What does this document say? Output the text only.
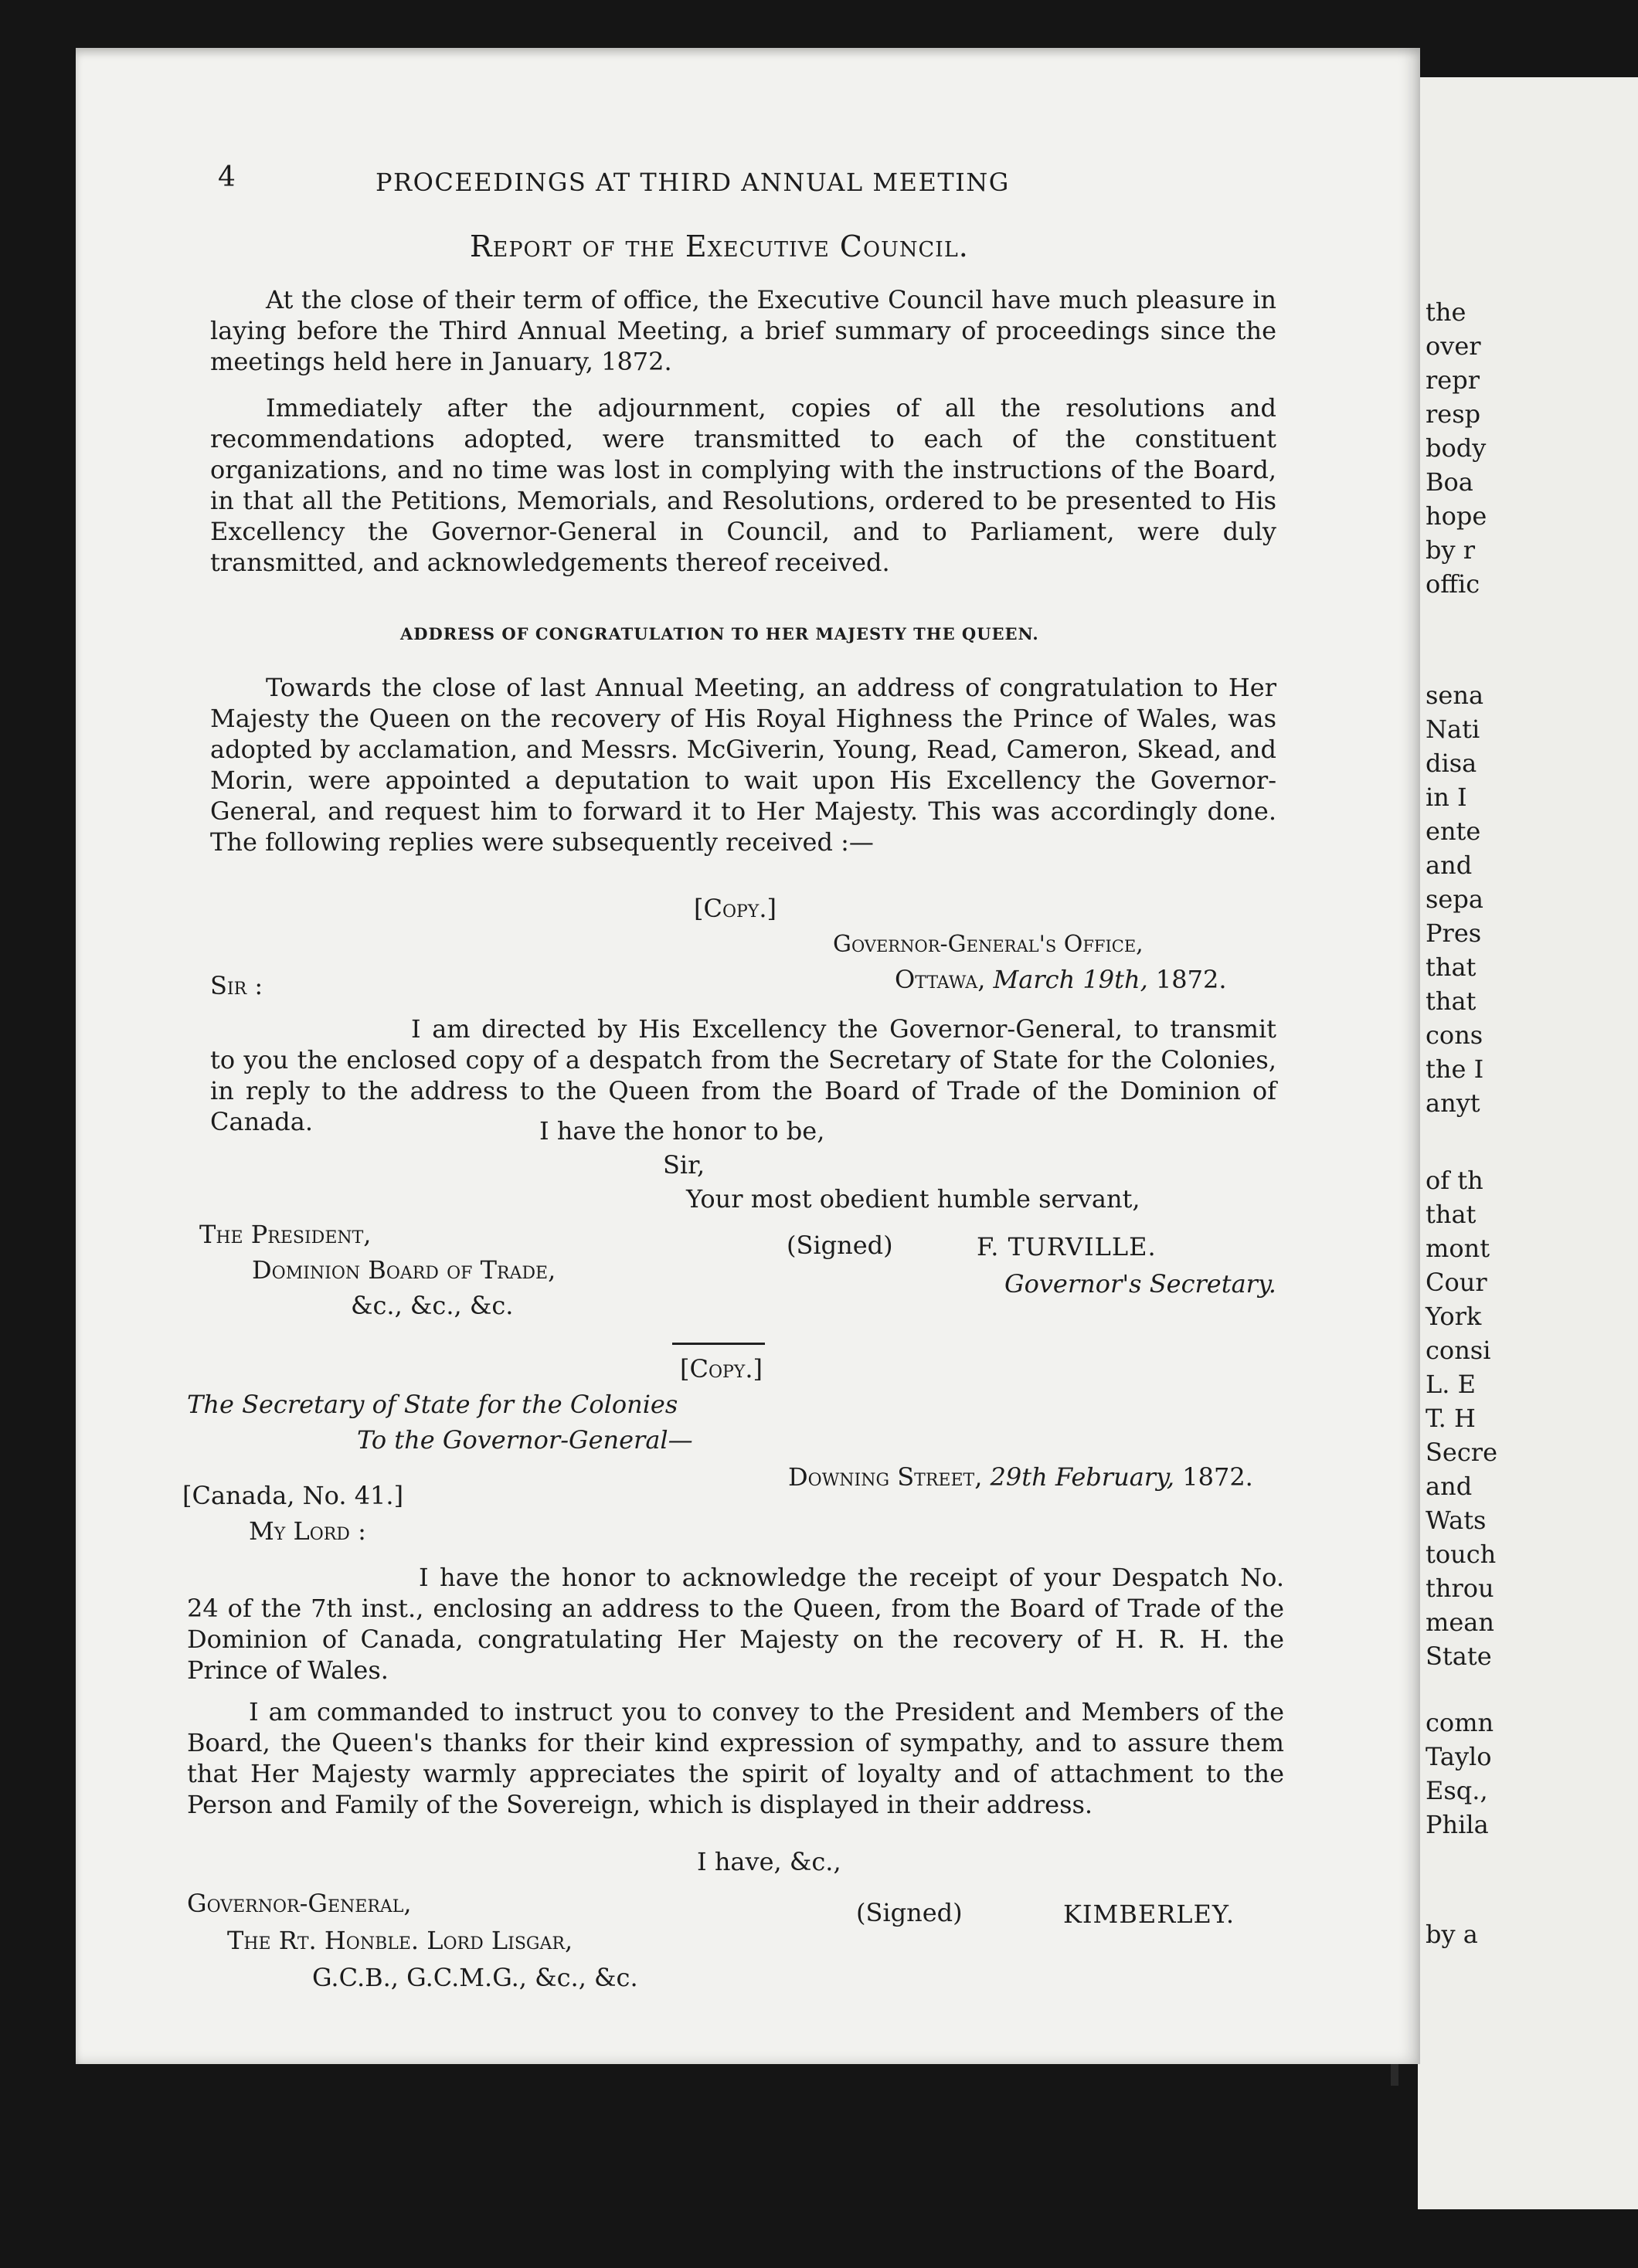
the
over
repr
resp
body
Boa
hope
by r
offic
sena
Nati
disa
in I
ente
and
sepa
Pres
that
that
cons
the I
anyt
of th
that
mont
Cour
York
consi
L. E
T. H
Secre
and
Wats
touch
throu
mean
State
comn
Taylo
Esq.,
Phila
by a
4	PROCEEDINGS AT THIRD ANNUAL MEETING
Report of the Executive Council.
At the close of their term of office, the Executive Council have much pleasure in laying before the Third Annual Meeting, a brief summary of proceedings since the meetings held here in January, 1872.
Immediately after the adjournment, copies of all the resolutions and recommendations adopted, were transmitted to each of the constituent organizations, and no time was lost in complying with the instructions of the Board, in that all the Petitions, Memorials, and Resolutions, ordered to be presented to His Excellency the Governor-General in Council, and to Parliament, were duly transmitted, and acknowledgements thereof received.
ADDRESS OF CONGRATULATION TO HER MAJESTY THE QUEEN.
Towards the close of last Annual Meeting, an address of congratulation to Her Majesty the Queen on the recovery of His Royal Highness the Prince of Wales, was adopted by acclamation, and Messrs. McGiverin, Young, Read, Cameron, Skead, and Morin, were appointed a deputation to wait upon His Excellency the Governor-General, and request him to forward it to Her Majesty. This was accordingly done. The following replies were subsequently received :—
[Copy.]
Governor-General's Office,
Ottawa, March 19th, 1872.
Sir :
I am directed by His Excellency the Governor-General, to transmit to you the enclosed copy of a despatch from the Secretary of State for the Colonies, in reply to the address to the Queen from the Board of Trade of the Dominion of Canada.	I have the honor to be,
Sir,
Your most obedient humble servant,
The President,	(Signed)	F. TURVILLE.
Dominion Board of Trade,	Governor's Secretary.
&c., &c., &c.
[Copy.]
The Secretary of State for the Colonies
To the Governor-General—
Downing Street, 29th February, 1872.
[Canada, No. 41.]
My Lord :
I have the honor to acknowledge the receipt of your Despatch No. 24 of the 7th inst., enclosing an address to the Queen, from the Board of Trade of the Dominion of Canada, congratulating Her Majesty on the recovery of H. R. H. the Prince of Wales.
I am commanded to instruct you to convey to the President and Members of the Board, the Queen's thanks for their kind expression of sympathy, and to assure them that Her Majesty warmly appreciates the spirit of loyalty and of attachment to the Person and Family of the Sovereign, which is displayed in their address.
I have, &c.,
Governor-General,	(Signed)	KIMBERLEY.
The Rt. Honble. Lord Lisgar,
G.C.B., G.C.M.G., &c., &c.
